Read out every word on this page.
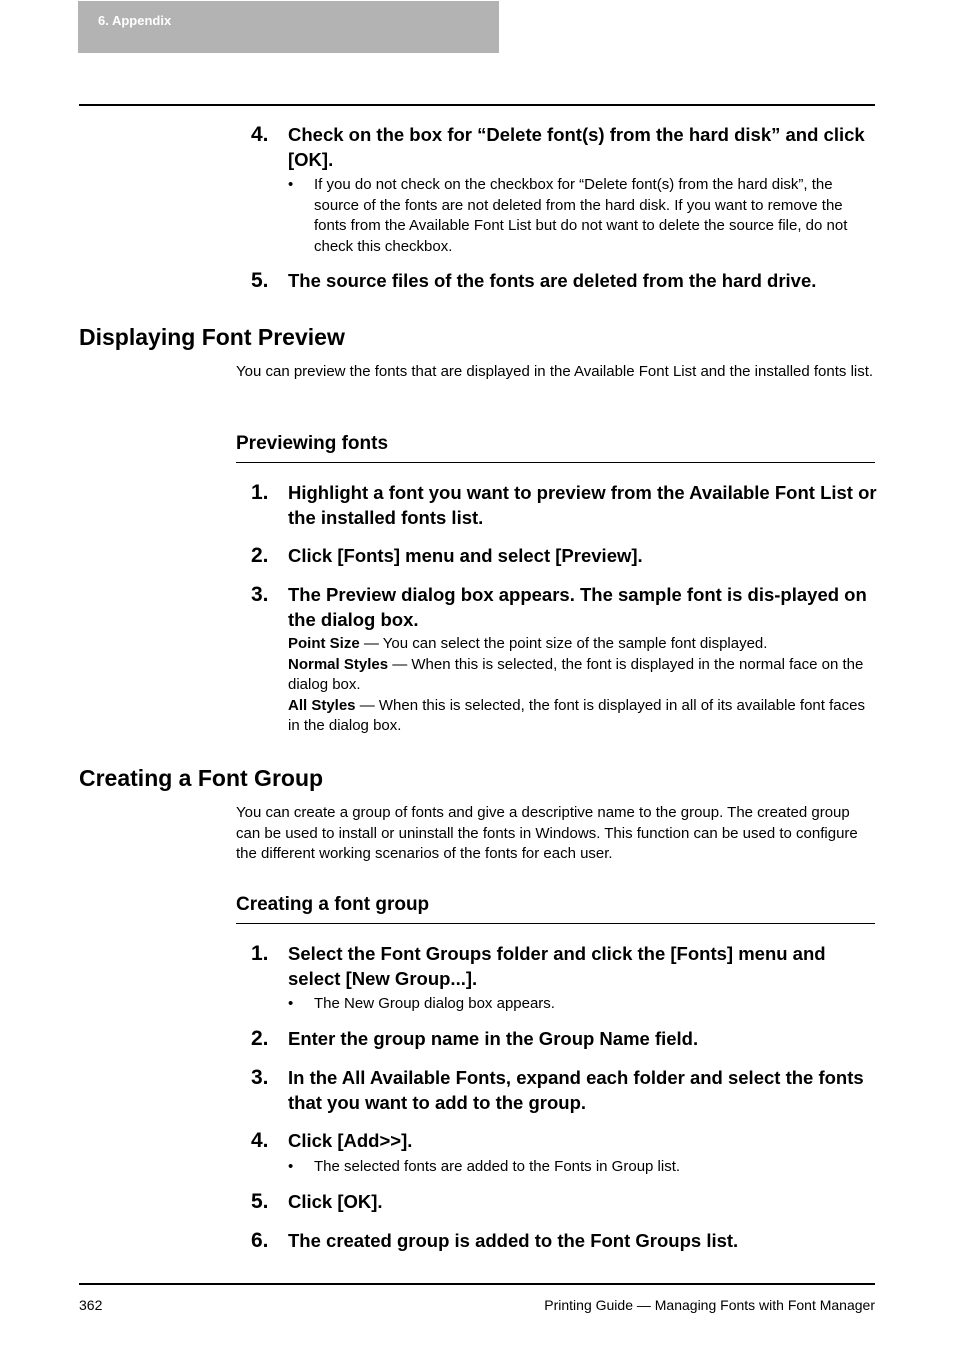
6. Appendix
4. Check on the box for “Delete font(s) from the hard disk” and click [OK].
• If you do not check on the checkbox for “Delete font(s) from the hard disk”, the source of the fonts are not deleted from the hard disk. If you want to remove the fonts from the Available Font List but do not want to delete the source file, do not check this checkbox.
5. The source files of the fonts are deleted from the hard drive.
Displaying Font Preview
You can preview the fonts that are displayed in the Available Font List and the installed fonts list.
Previewing fonts
1. Highlight a font you want to preview from the Available Font List or the installed fonts list.
2. Click [Fonts] menu and select [Preview].
3. The Preview dialog box appears. The sample font is dis-played on the dialog box.
Point Size — You can select the point size of the sample font displayed.
Normal Styles — When this is selected, the font is displayed in the normal face on the dialog box.
All Styles — When this is selected, the font is displayed in all of its available font faces in the dialog box.
Creating a Font Group
You can create a group of fonts and give a descriptive name to the group. The created group can be used to install or uninstall the fonts in Windows. This function can be used to configure the different working scenarios of the fonts for each user.
Creating a font group
1. Select the Font Groups folder and click the [Fonts] menu and select [New Group...].
• The New Group dialog box appears.
2. Enter the group name in the Group Name field.
3. In the All Available Fonts, expand each folder and select the fonts that you want to add to the group.
4. Click [Add>>].
• The selected fonts are added to the Fonts in Group list.
5. Click [OK].
6. The created group is added to the Font Groups list.
362	Printing Guide — Managing Fonts with Font Manager
